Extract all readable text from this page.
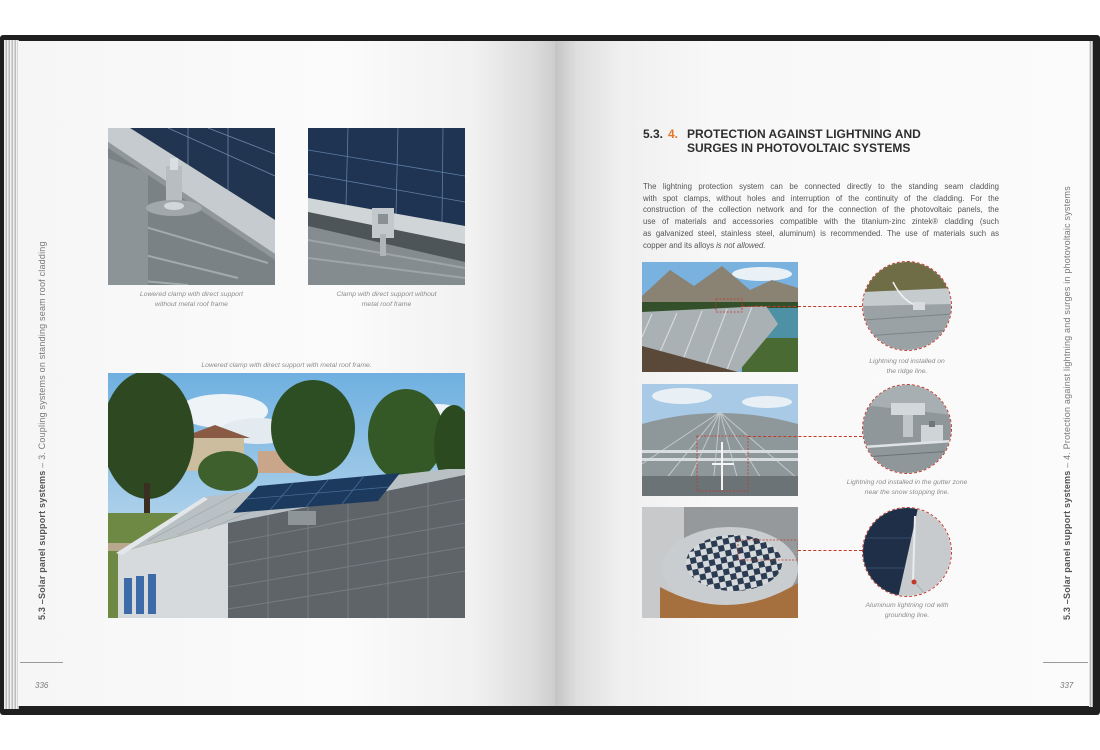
5.3 –Solar panel support systems – 3. Coupling systems on standing seam roof cladding
336
Lowered clamp with direct support
without metal roof frame
Clamp with direct support without
metal roof frame
Lowered clamp with direct support with metal roof frame.
5.3. 4. PROTECTION AGAINST LIGHTNING AND
SURGES IN PHOTOVOLTAIC SYSTEMS
The lightning protection system can be connected directly to the standing seam cladding
with spot clamps, without holes and interruption of the continuity of the cladding. For the
construction of the collection network and for the connection of the photovoltaic panels, the
use of materials and accessories compatible with the titanium-zinc zintek® cladding (such
as galvanized steel, stainless steel, aluminum) is recommended. The use of materials such as
copper and its alloys is not allowed.
Lightning rod installed on
the ridge line.
Lightning rod installed in the gutter zone
near the snow stopping line.
Aluminum lightning rod with
grounding line.	5.3 –Solar panel support systems – 4. Protection against lightning and surges in photovoltaic systems
337
